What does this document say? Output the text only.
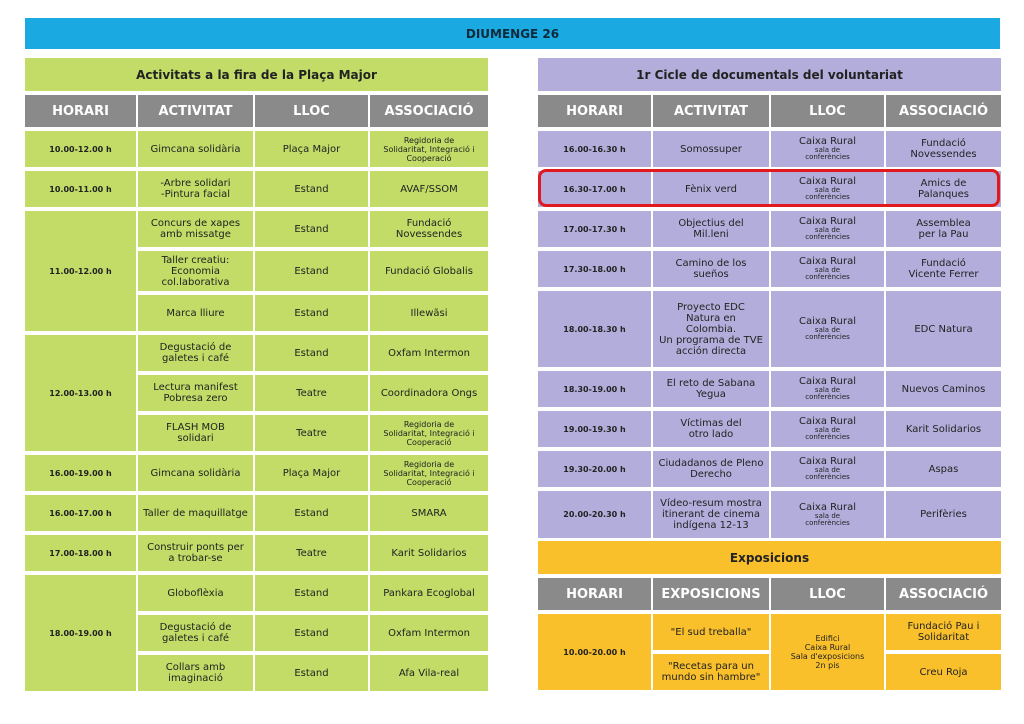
DIUMENGE 26
Activitats a la fira de la Plaça Major			
HORARI	ACTIVITAT	LLOC	ASSOCIACIÓ
10.00-12.00 h	Gimcana solidària	Plaça Major	Regidoria de
Solidaritat, Integració i
Cooperació
10.00-11.00 h	-Arbre solidari
-Pintura facial	Estand	AVAF/SSOM
11.00-12.00 h	Concurs de xapes
amb missatge	Estand	Fundació
Novessendes
	Taller creatiu:
Economia
col.laborativa	Estand	Fundació Globalis
	Marca lliure	Estand	Illewãsi
12.00-13.00 h	Degustació de
galetes i café	Estand	Oxfam Intermon
	Lectura manifest
Pobresa zero	Teatre	Coordinadora Ongs
	FLASH MOB
solidari	Teatre	Regidoria de
Solidaritat, Integració i
Cooperació
16.00-19.00 h	Gimcana solidària	Plaça Major	Regidoria de
Solidaritat, Integració i
Cooperació
16.00-17.00 h	Taller de maquillatge	Estand	SMARA
17.00-18.00 h	Construir ponts per
a trobar-se	Teatre	Karit Solidarios
18.00-19.00 h	Globoflèxia	Estand	Pankara Ecoglobal
	Degustació de
galetes i café	Estand	Oxfam Intermon
	Collars amb
imaginació	Estand	Afa Vila-real
1r Cicle de documentals del voluntariat			
HORARI	ACTIVITAT	LLOC	ASSOCIACIÓ
16.00-16.30 h	Somossuper	Caixa Rural
sala de
conferències	Fundació
Novessendes
16.30-17.00 h	Fènix verd	Caixa Rural
sala de
conferències	Amics de
Palanques
17.00-17.30 h	Objectius del
Mil.leni	Caixa Rural
sala de
conferències	Assemblea
per la Pau
17.30-18.00 h	Camino de los sueños	Caixa Rural
sala de
conferències	Fundació
Vicente Ferrer
18.00-18.30 h	Proyecto EDC
Natura en
Colombia.
Un programa de TVE
acción directa	Caixa Rural
sala de
conferències	EDC Natura
18.30-19.00 h	El reto de Sabana
Yegua	Caixa Rural
sala de
conferències	Nuevos Caminos
19.00-19.30 h	Víctimas del
otro lado	Caixa Rural
sala de
conferències	Karit Solidarios
19.30-20.00 h	Ciudadanos de Pleno
Derecho	Caixa Rural
sala de
conferències	Aspas
20.00-20.30 h	Vídeo-resum mostra
itinerant de cinema
indígena 12-13	Caixa Rural
sala de
conferències	Perifèries
Exposicions			
HORARI	EXPOSICIONS	LLOC	ASSOCIACIÓ
10.00-20.00 h	"El sud treballa"	Edifici
Caixa Rural
Sala d'exposicions
2n pis	Fundació Pau i
Solidaritat
	"Recetas para un
mundo sin hambre"		Creu Roja
